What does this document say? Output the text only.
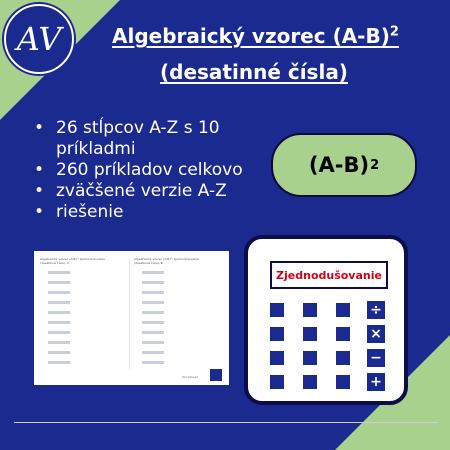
AV	Algebraický vzorec $(A-B)^2$
(desatinné čísla)
• 26 stĺpcov A-Z s 10 príkladmi
• 260 príkladov celkovo
• zväčšené verzie A-Z
• riešenie
(A-B) 2
Algebraický vzorec (A-B)², zjednodušovanie
(desatinné čísla), A
Algebraický vzorec (A-B)², zjednodušovanie
(desatinné čísla), B
Worksheet
Zjednodušovanie
÷
×
−
+
